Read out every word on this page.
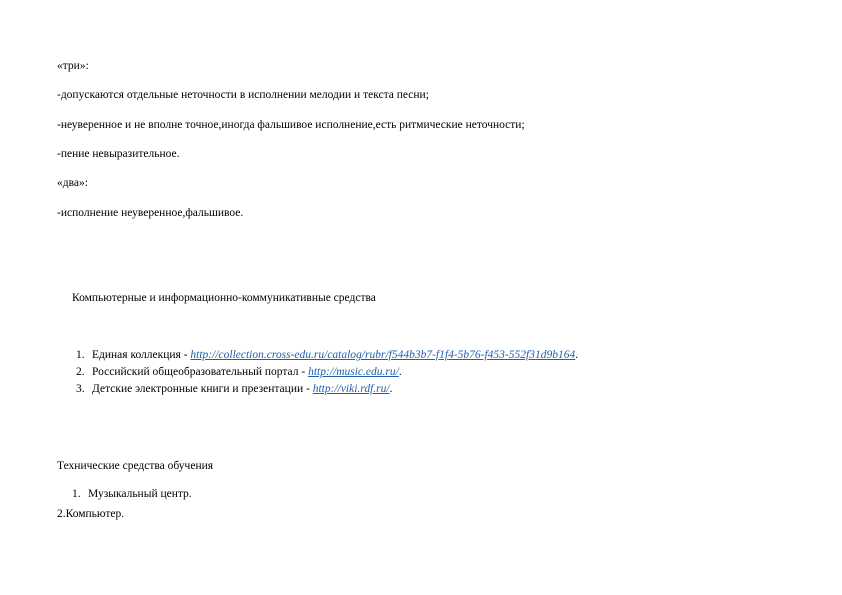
«три»:
-допускаются отдельные неточности в исполнении мелодии и текста песни;
-неуверенное и не вполне точное,иногда фальшивое исполнение,есть ритмические неточности;
-пение невыразительное.
«два»:
-исполнение неуверенное,фальшивое.
Компьютерные и информационно-коммуникативные средства
1. Единая коллекция - http://collection.cross-edu.ru/catalog/rubr/f544b3b7-f1f4-5b76-f453-552f31d9b164.
2. Российский общеобразовательный портал - http://music.edu.ru/.
3. Детские электронные книги и презентации - http://viki.rdf.ru/.
Технические средства обучения
1. Музыкальный центр.
2.Компьютер.
